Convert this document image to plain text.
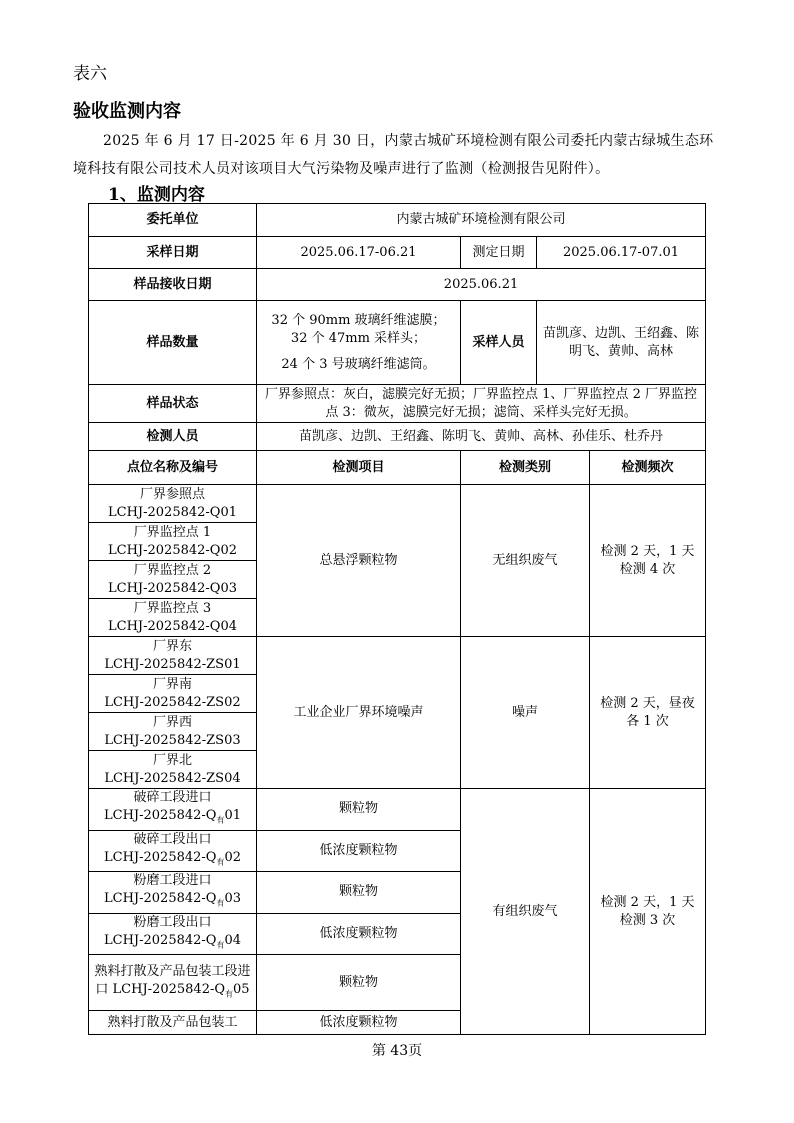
表六
验收监测内容
2025 年 6 月 17 日-2025 年 6 月 30 日，内蒙古城矿环境检测有限公司委托内蒙古绿城生态环境科技有限公司技术人员对该项目大气污染物及噪声进行了监测（检测报告见附件）。
1、监测内容
委托单位	内蒙古城矿环境检测有限公司			
采样日期	2025.06.17-06.21	测定日期	2025.06.17-07.01	
样品接收日期	2025.06.21			
样品数量	32 个 90mm 玻璃纤维滤膜；
32 个 47mm 采样头；
24 个 3 号玻璃纤维滤筒。	采样人员	苗凯彦、边凯、王绍鑫、陈明飞、黄帅、高林	
样品状态	厂界参照点：灰白，滤膜完好无损；厂界监控点 1、厂界监控点 2 厂界监控点 3：微灰，滤膜完好无损；滤筒、采样头完好无损。			
检测人员	苗凯彦、边凯、王绍鑫、陈明飞、黄帅、高林、孙佳乐、杜乔丹			
点位名称及编号	检测项目	检测类别		检测频次

厂界参照点
LCHJ-2025842-Q01	总悬浮颗粒物	无组织废气		检测 2 天，1 天检测 4 次

厂界监控点 1
LCHJ-2025842-Q02				

厂界监控点 2
LCHJ-2025842-Q03				

厂界监控点 3
LCHJ-2025842-Q04				

厂界东
LCHJ-2025842-ZS01	工业企业厂界环境噪声	噪声		检测 2 天，昼夜各 1 次

厂界南
LCHJ-2025842-ZS02				

厂界西
LCHJ-2025842-ZS03				

厂界北
LCHJ-2025842-ZS04				

破碎工段进口
LCHJ-$2025842-Q_有01$	颗粒物	有组织废气		检测 2 天，1 天检测 3 次

破碎工段出口
LCHJ-$2025842-Q_有02$	低浓度颗粒物			

粉磨工段进口
LCHJ-$2025842-Q_有03$	颗粒物			

粉磨工段出口
LCHJ-$2025842-Q_有04$	低浓度颗粒物			
熟料打散及产品包装工段进口 LCHJ-$2025842-Q_有05$	颗粒物			
熟料打散及产品包装工	低浓度颗粒物			
第 43页
